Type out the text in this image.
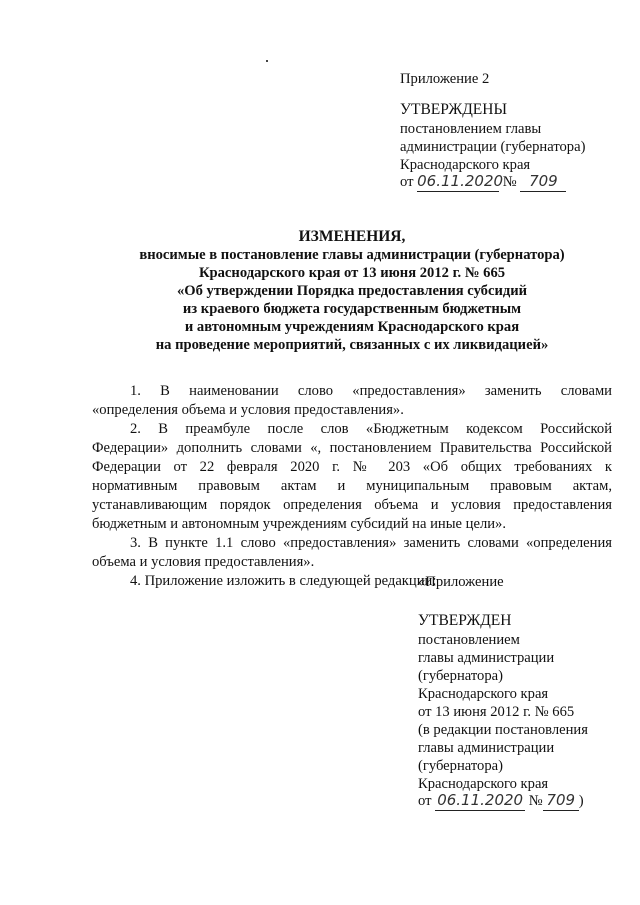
Приложение 2
УТВЕРЖДЕНЫ
постановлением главы
администрации (губернатора)
Краснодарского края
от 06.11.2020 № 709
ИЗМЕНЕНИЯ,
вносимые в постановление главы администрации (губернатора)
Краснодарского края от 13 июня 2012 г. № 665
«Об утверждении Порядка предоставления субсидий
из краевого бюджета государственным бюджетным
и автономным учреждениям Краснодарского края
на проведение мероприятий, связанных с их ликвидацией»
1. В наименовании слово «предоставления» заменить словами
«определения объема и условия предоставления».
2. В преамбуле после слов «Бюджетным кодексом Российской
Федерации» дополнить словами «, постановлением Правительства Российской
Федерации от 22 февраля 2020 г. № 203 «Об общих требованиях к
нормативным правовым актам и муниципальным правовым актам,
устанавливающим порядок определения объема и условия предоставления
бюджетным и автономным учреждениям субсидий на иные цели».
3. В пункте 1.1 слово «предоставления» заменить словами «определения
объема и условия предоставления».
4. Приложение изложить в следующей редакции:
«Приложение
УТВЕРЖДЕН
постановлением
главы администрации
(губернатора)
Краснодарского края
от 13 июня 2012 г. № 665
(в редакции постановления
главы администрации
(губернатора)
Краснодарского края
от 06.11.2020 № 709 )
